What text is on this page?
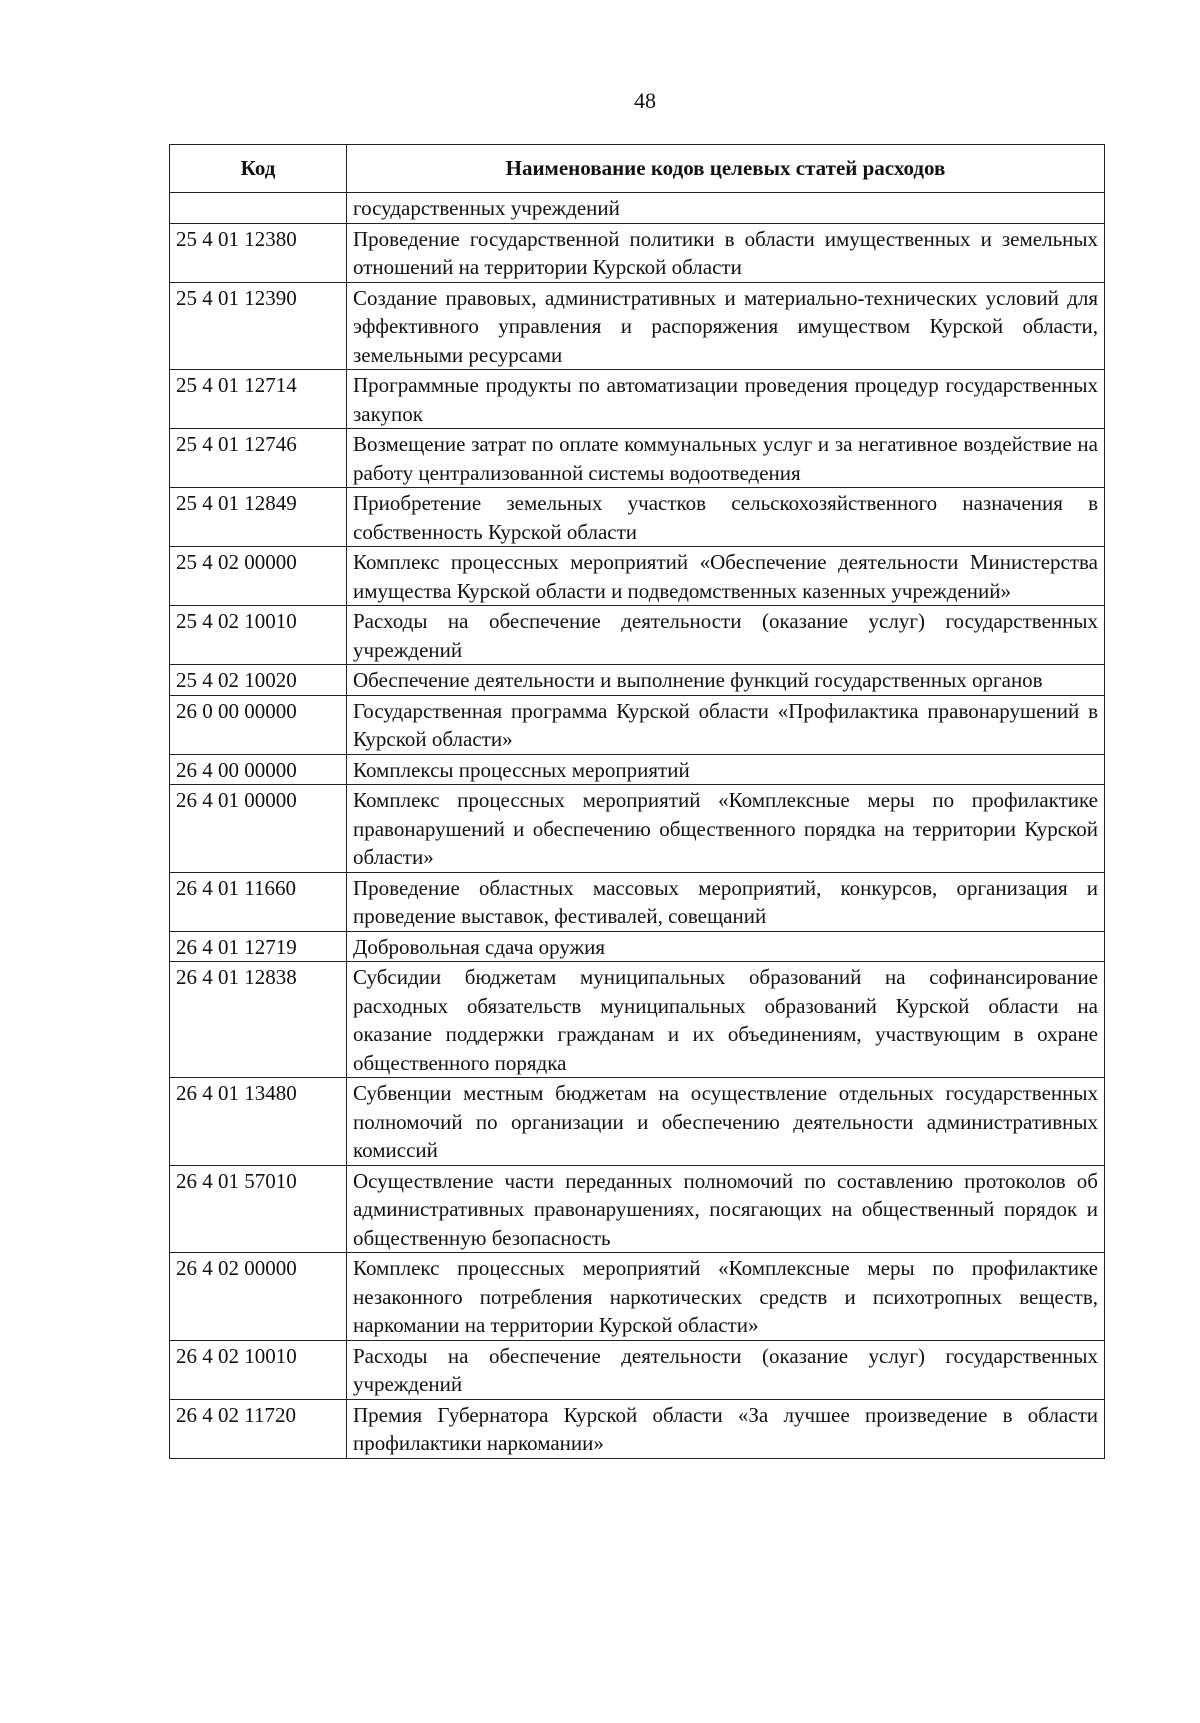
48
Код	Наименование кодов целевых статей расходов
	государственных учреждений
25 4 01 12380	Проведение государственной политики в области имущественных и земельных отношений на территории Курской области
25 4 01 12390	Создание правовых, административных и материально-технических условий для эффективного управления и распоряжения имуществом Курской области, земельными ресурсами
25 4 01 12714	Программные продукты по автоматизации проведения процедур государственных закупок
25 4 01 12746	Возмещение затрат по оплате коммунальных услуг и за негативное воздействие на работу централизованной системы водоотведения
25 4 01 12849	Приобретение земельных участков сельскохозяйственного назначения в собственность Курской области
25 4 02 00000	Комплекс процессных мероприятий «Обеспечение деятельности Министерства имущества Курской области и подведомственных казенных учреждений»
25 4 02 10010	Расходы на обеспечение деятельности (оказание услуг) государственных учреждений
25 4 02 10020	Обеспечение деятельности и выполнение функций государственных органов
26 0 00 00000	Государственная программа Курской области «Профилактика правонарушений в Курской области»
26 4 00 00000	Комплексы процессных мероприятий
26 4 01 00000	Комплекс процессных мероприятий «Комплексные меры по профилактике правонарушений и обеспечению общественного порядка на территории Курской области»
26 4 01 11660	Проведение областных массовых мероприятий, конкурсов, организация и проведение выставок, фестивалей, совещаний
26 4 01 12719	Добровольная сдача оружия
26 4 01 12838	Субсидии бюджетам муниципальных образований на софинансирование расходных обязательств муниципальных образований Курской области на оказание поддержки гражданам и их объединениям, участвующим в охране общественного порядка
26 4 01 13480	Субвенции местным бюджетам на осуществление отдельных государственных полномочий по организации и обеспечению деятельности административных комиссий
26 4 01 57010	Осуществление части переданных полномочий по составлению протоколов об административных правонарушениях, посягающих на общественный порядок и общественную безопасность
26 4 02 00000	Комплекс процессных мероприятий «Комплексные меры по профилактике незаконного потребления наркотических средств и психотропных веществ, наркомании на территории Курской области»
26 4 02 10010	Расходы на обеспечение деятельности (оказание услуг) государственных учреждений
26 4 02 11720	Премия Губернатора Курской области «За лучшее произведение в области профилактики наркомании»
